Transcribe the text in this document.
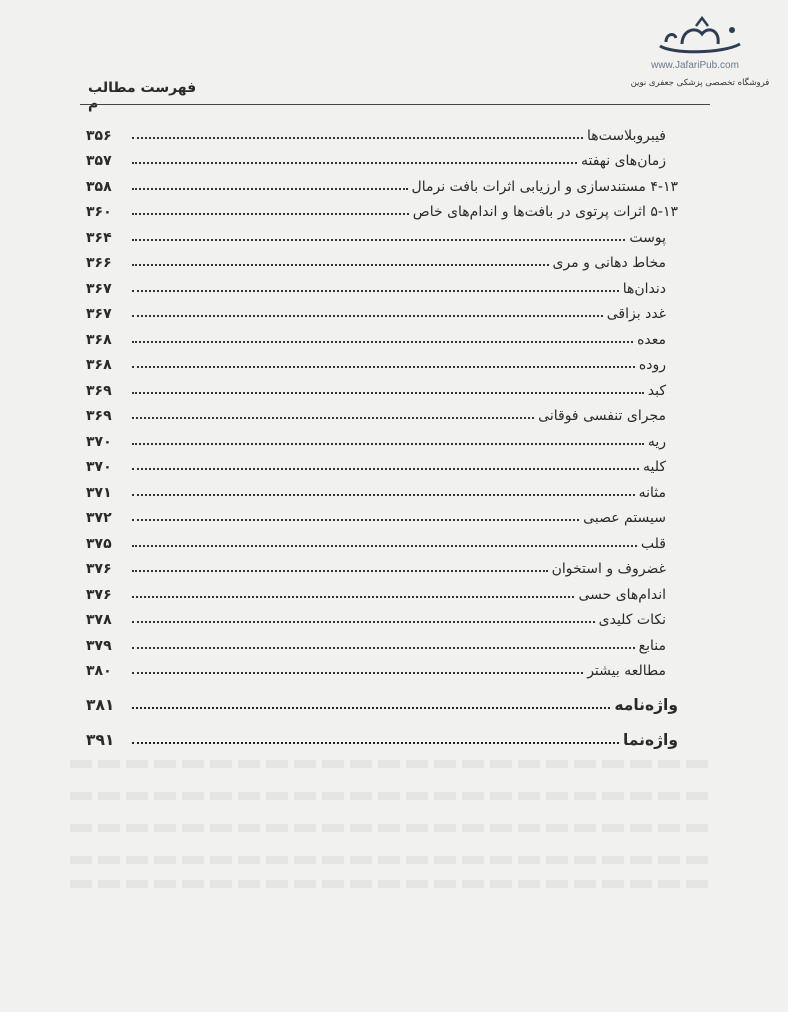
www.JafariPub.com
فروشگاه تخصصی پزشکی جعفری نوین
فهرست مطالب م
۳۵۶	فیبروبلاست‌ها
۳۵۷	زمان‌های نهفته
۳۵۸	۴-۱۳ مستندسازی و ارزیابی اثرات بافت نرمال
۳۶۰	۵-۱۳ اثرات پرتوی در بافت‌ها و اندام‌های خاص
۳۶۴	پوست
۳۶۶	مخاط دهانی و مری
۳۶۷	دندان‌ها
۳۶۷	غدد بزاقی
۳۶۸	معده
۳۶۸	روده
۳۶۹	کبد
۳۶۹	مجرای تنفسی فوقانی
۳۷۰	ریه
۳۷۰	کلیه
۳۷۱	مثانه
۳۷۲	سیستم عصبی
۳۷۵	قلب
۳۷۶	غضروف و استخوان
۳۷۶	اندام‌های حسی
۳۷۸	نکات کلیدی
۳۷۹	منابع
۳۸۰	مطالعه بیشتر
۳۸۱	واژه‌نامه
۳۹۱	واژه‌نما
